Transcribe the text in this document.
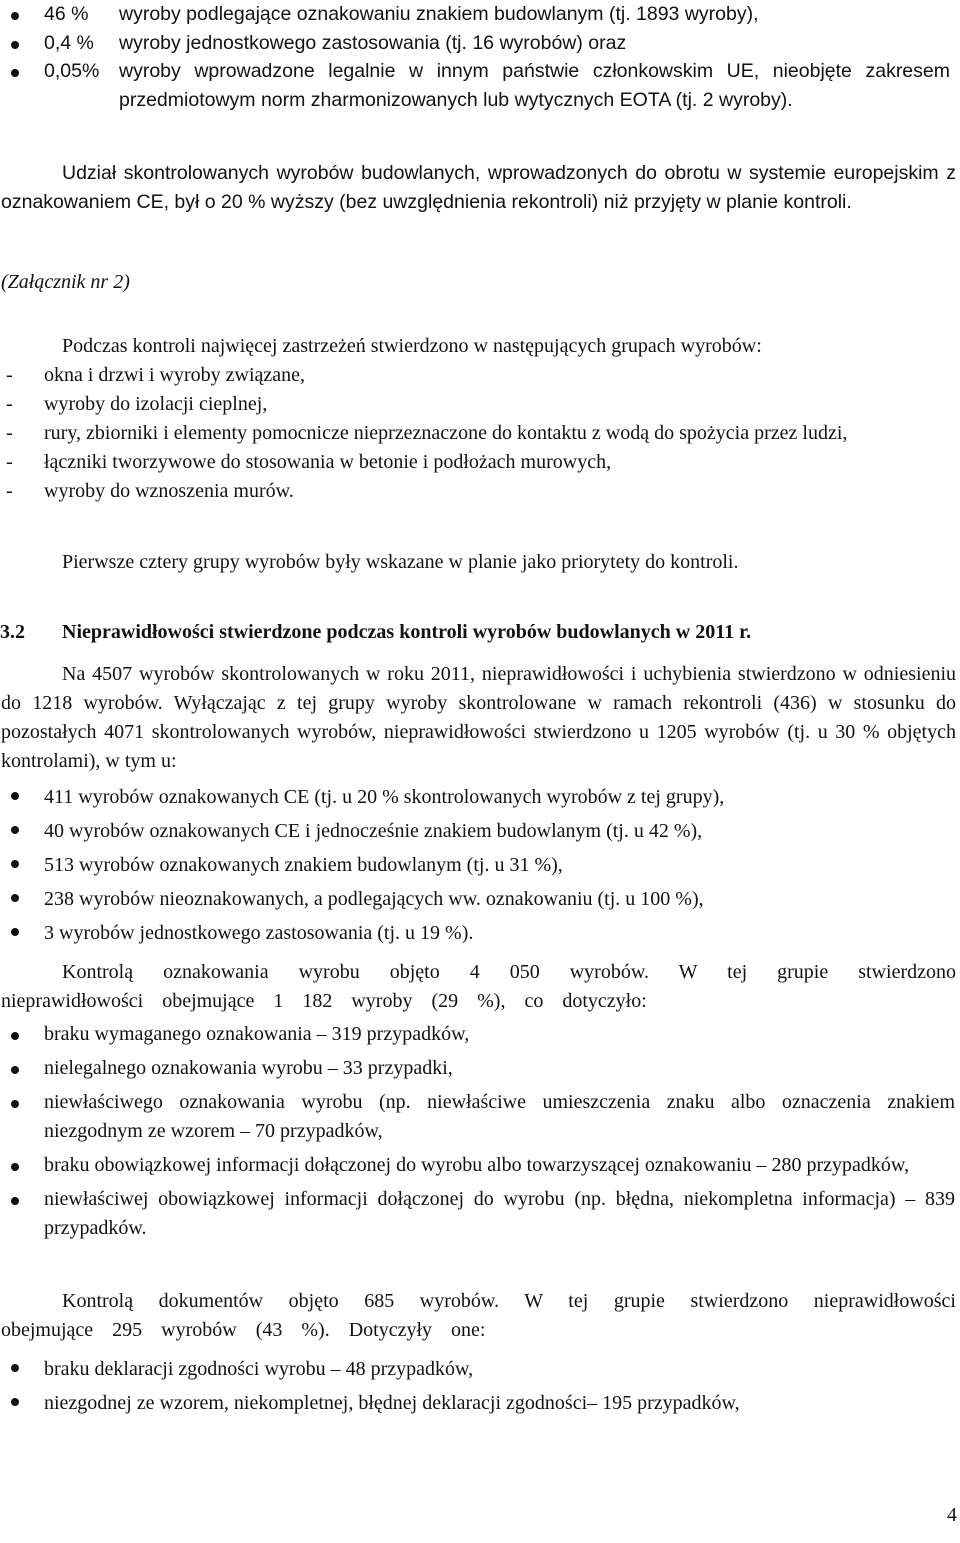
46 %	wyroby podlegające oznakowaniu znakiem budowlanym (tj. 1893 wyroby),
0,4 %	wyroby jednostkowego zastosowania (tj. 16 wyrobów) oraz
0,05%	wyroby wprowadzone legalnie w innym państwie członkowskim UE, nieobjęte zakresem przedmiotowym norm zharmonizowanych lub wytycznych EOTA (tj. 2 wyroby).

Udział skontrolowanych wyrobów budowlanych, wprowadzonych do obrotu w systemie europejskim z oznakowaniem CE, był o 20 % wyższy (bez uwzględnienia rekontroli) niż przyjęty w planie kontroli.

(Załącznik nr 2)

Podczas kontroli najwięcej zastrzeżeń stwierdzono w następujących grupach wyrobów:

- okna i drzwi i wyroby związane,
- wyroby do izolacji cieplnej,
- rury, zbiorniki i elementy pomocnicze nieprzeznaczone do kontaktu z wodą do spożycia przez ludzi,
- łączniki tworzywowe do stosowania w betonie i podłożach murowych,
- wyroby do wznoszenia murów.

Pierwsze cztery grupy wyrobów były wskazane w planie jako priorytety do kontroli.

3.2 Nieprawidłowości stwierdzone podczas kontroli wyrobów budowlanych w 2011 r.

Na 4507 wyrobów skontrolowanych w roku 2011, nieprawidłowości i uchybienia stwierdzono w odniesieniu do 1218 wyrobów. Wyłączając z tej grupy wyroby skontrolowane w ramach rekontroli (436) w stosunku do pozostałych 4071 skontrolowanych wyrobów, nieprawidłowości stwierdzono u 1205 wyrobów (tj. u 30 % objętych kontrolami), w tym u:

411 wyrobów oznakowanych CE (tj. u 20 % skontrolowanych wyrobów z tej grupy),
40 wyrobów oznakowanych CE i jednocześnie znakiem budowlanym (tj. u 42 %),
513 wyrobów oznakowanych znakiem budowlanym (tj. u 31 %),
238 wyrobów nieoznakowanych, a podlegających ww. oznakowaniu (tj. u 100 %),
3 wyrobów jednostkowego zastosowania (tj. u 19 %).

Kontrolą oznakowania wyrobu objęto 4 050 wyrobów. W tej grupie stwierdzono nieprawidłowości obejmujące 1 182 wyroby (29 %), co dotyczyło:

braku wymaganego oznakowania – 319 przypadków,
nielegalnego oznakowania wyrobu – 33 przypadki,
niewłaściwego oznakowania wyrobu (np. niewłaściwe umieszczenia znaku albo oznaczenia znakiem niezgodnym ze wzorem – 70 przypadków,
braku obowiązkowej informacji dołączonej do wyrobu albo towarzyszącej oznakowaniu – 280 przypadków,
niewłaściwej obowiązkowej informacji dołączonej do wyrobu (np. błędna, niekompletna informacja) – 839 przypadków.

Kontrolą dokumentów objęto 685 wyrobów. W tej grupie stwierdzono nieprawidłowości obejmujące 295 wyrobów (43 %). Dotyczyły one:

braku deklaracji zgodności wyrobu – 48 przypadków,
niezgodnej ze wzorem, niekompletnej, błędnej deklaracji zgodności– 195 przypadków,
4
